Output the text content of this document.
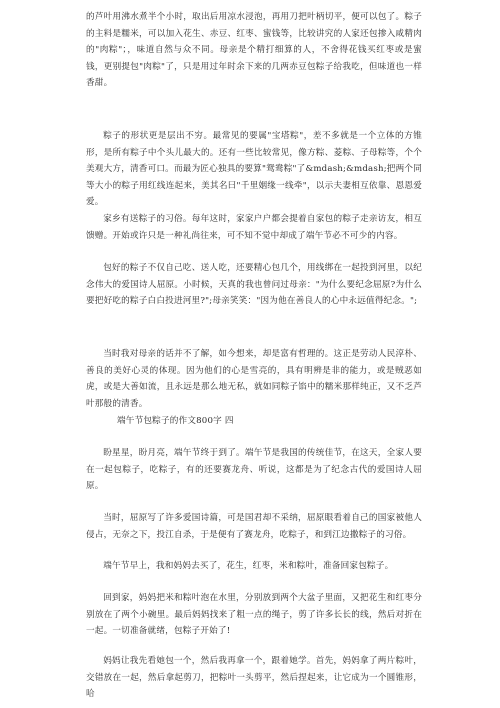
的芦叶用沸水煮半个小时，取出后用凉水浸泡，再用刀把叶柄切平，便可以包了。粽子的主料是糯米，可以加入花生、赤豆、红枣、蜜钱等，比较讲究的人家还包掺入咸精肉的"肉粽"；，味道自然与众不同。母亲是个精打细算的人，不舍得花钱买红枣或是蜜钱，更别提包"肉粽"了，只是用过年时余下来的几两赤豆包粽子给我吃，但味道也一样香甜。

粽子的形状更是层出不穷。最常见的要属"宝塔粽"，差不多就是一个立体的方锥形，是所有粽子中个头儿最大的。还有一些比较常见，像方粽、菱粽、子母粽等，个个美观大方，清香可口。而最为匠心独具的要算"鸳鸯粽"了&mdash;&mdash;把两个同等大小的粽子用红线连起来，美其名曰"千里姻缘一线牵"，以示夫妻相互依靠、恩恩爱爱。

家乡有送粽子的习俗。每年这时，家家户户都会提着自家包的粽子走亲访友，相互馈赠。开始或许只是一种礼尚往来，可不知不觉中却成了端午节必不可少的内容。

包好的粽子不仅自己吃、送人吃，还要精心包几个，用线绑在一起投到河里，以纪念伟大的爱国诗人屈原。小时候，天真的我也曾问过母亲："为什么要纪念屈原?为什么要把好吃的粽子白白投进河里?";母亲笑笑："因为他在善良人的心中永远值得纪念。";

当时我对母亲的话并不了解，如今想来，却是富有哲理的。这正是劳动人民淳朴、善良的美好心灵的体现。因为他们的心是雪亮的，具有明辨是非的能力，或是贼恶如虎，或是大善如流，且永远是那么地无私，就如同粽子馅中的糯米那样纯正，又不乏芦叶那般的清香。

端午节包粽子的作文800字 四

盼星星，盼月亮，端午节终于到了。端午节是我国的传统佳节，在这天，全家人要在一起包粽子，吃粽子，有的还要赛龙舟、听说，这都是为了纪念古代的爱国诗人屈原。

当时，屈原写了许多爱国诗篇，可是国君却不采纳，屈原眼看着自己的国家被他人侵占，无奈之下，投江自杀，于是便有了赛龙舟，吃粽子，和到江边撒粽子的习俗。

端午节早上，我和妈妈去买了，花生，红枣，米和粽叶，准备回家包粽子。

回到家，妈妈把米和粽叶泡在水里，分别放到两个大盆子里面，又把花生和红枣分别放在了两个小碗里。最后妈妈找来了粗一点的绳子，剪了许多长长的线，然后对折在一起。一切准备就绪，包粽子开始了!

妈妈让我先看她包一个，然后我再拿一个，跟着她学。首先，妈妈拿了两片粽叶，交错放在一起，然后拿起剪刀，把粽叶一头剪平，然后捏起来，让它成为一个圆锥形，哈
